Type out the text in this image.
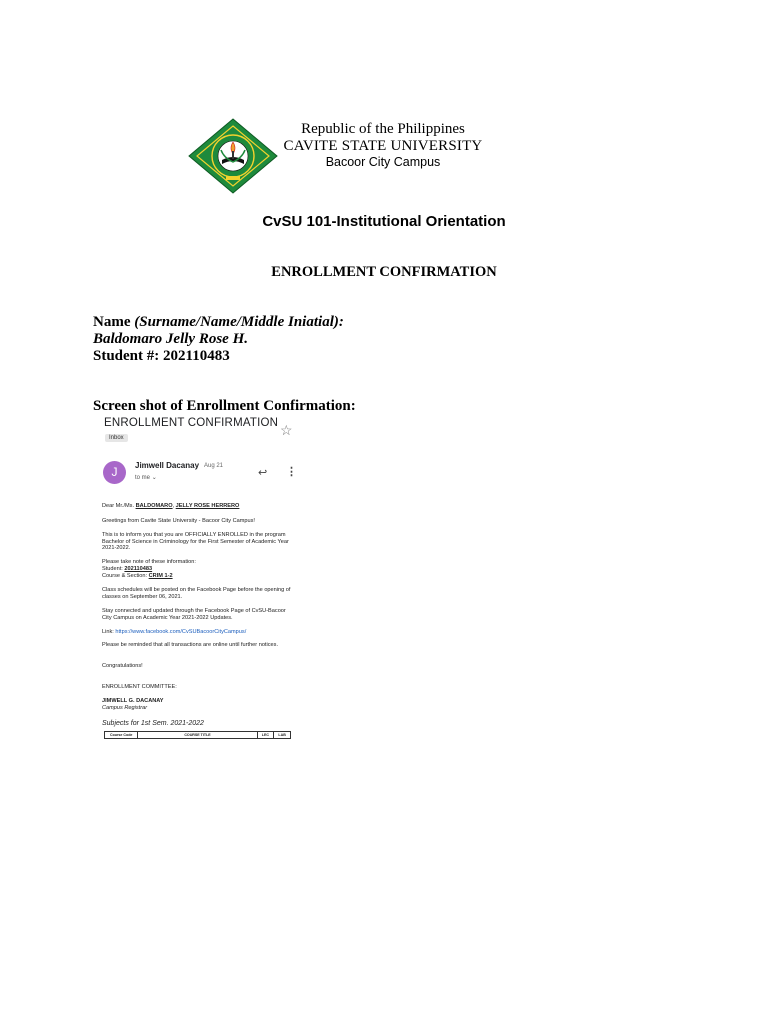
Republic of the Philippines
CAVITE STATE UNIVERSITY
Bacoor City Campus
CvSU 101-Institutional Orientation
ENROLLMENT CONFIRMATION
Name (Surname/Name/Middle Iniatial):
Baldomaro Jelly Rose H.
Student #: 202110483
Screen shot of Enrollment Confirmation:
ENROLLMENT CONFIRMATION ☆
Inbox
J	Jimwell Dacanay Aug 21
to me ⌄	↩ ⋮
Dear Mr./Ms. BALDOMARO, JELLY ROSE HERRERO
Greetings from Cavite State University - Bacoor City Campus!
This is to inform you that you are OFFICIALLY ENROLLED in the program Bachelor of Science in Criminology for the First Semester of Academic Year 2021-2022.
Please take note of these information:
Student: 202110483
Course & Section: CRIM 1-2
Class schedules will be posted on the Facebook Page before the opening of classes on September 06, 2021.
Stay connected and updated through the Facebook Page of CvSU-Bacoor City Campus on Academic Year 2021-2022 Updates.
Link: https://www.facebook.com/CvSUBacoorCityCampus/
Please be reminded that all transactions are online until further notices.
Congratulations!
ENROLLMENT COMMITTEE:
JIMWELL G. DACANAY
Campus Registrar
Subjects for 1st Sem. 2021-2022
Course Code	COURSE TITLE	LEC	LAB
